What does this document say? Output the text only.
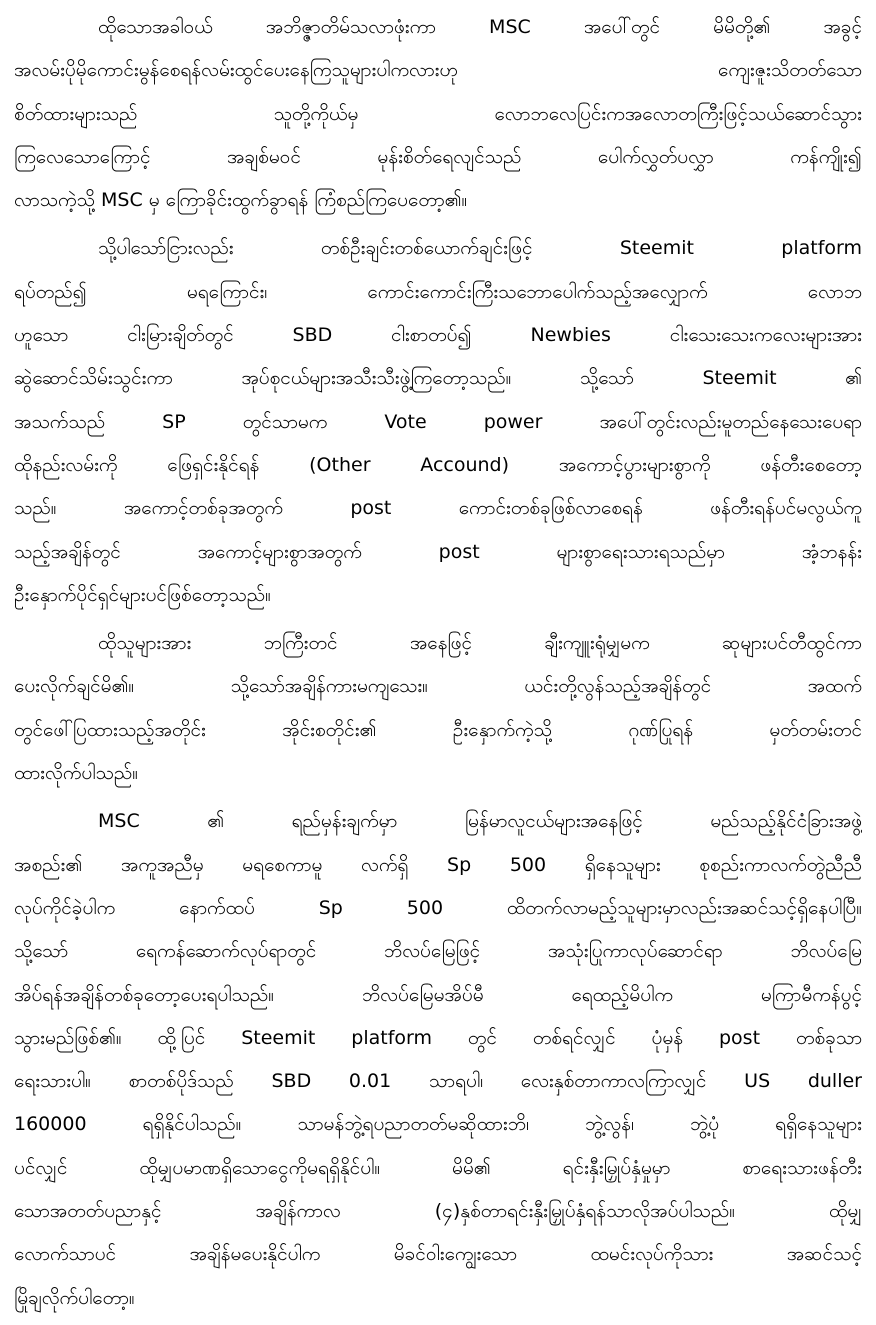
ထိုသောအခါဝယ် အဘိဇ္ဇာတိမ်သလာဖုံးကာ MSC အပေါ်တွင် မိမိတို့၏ အခွင့်
အလမ်းပိုမိုကောင်းမွန်စေရန်လမ်းထွင်ပေးနေကြသူများပါကလားဟု ကျေးဇူးသိတတ်သော
စိတ်ထားများသည် သူတို့ကိုယ်မှ လောဘလေပြင်းကအလောတကြီးဖြင့်သယ်ဆောင်သွား
ကြလေသောကြောင့် အချစ်မဝင် မုန်းစိတ်ရေလျင်သည် ပေါက်လွှတ်ပလွှာ ကန်ကျိုး၍
လာသကဲ့သို့ MSC မှ ကြောခိုင်းထွက်ခွာရန် ကြံစည်ကြပေတော့၏။
သို့ပါသော်ငြားလည်း တစ်ဦးချင်းတစ်ယောက်ချင်းဖြင့် Steemit platform
ရပ်တည်၍ မရကြောင်း၊ ကောင်းကောင်းကြီးသဘောပေါက်သည့်အလျှောက် လောဘ
ဟူသော ငါးမြားချိတ်တွင် SBD ငါးစာတပ်၍ Newbies ငါးသေးသေးကလေးများအား
ဆွဲဆောင်သိမ်းသွင်းကာ အုပ်စုငယ်များအသီးသီးဖွဲ့ကြတော့သည်။ သို့သော် Steemit ၏
အသက်သည် SP တွင်သာမက Vote power အပေါ်တွင်းလည်းမူတည်နေသေးပေရာ
ထိုနည်းလမ်းကို ဖြေရှင်းနိုင်ရန် (Other Accound) အကောင့်ပွားများစွာကို ဖန်တီးစေတော့
သည်။ အကောင့်တစ်ခုအတွက် post ကောင်းတစ်ခုဖြစ်လာစေရန် ဖန်တီးရန်ပင်မလွယ်ကူ
သည့်အချိန်တွင် အကောင့်များစွာအတွက် post များစွာရေးသားရသည်မှာ အံ့ဘနန်း
ဦးနှောက်ပိုင်ရှင်များပင်ဖြစ်တော့သည်။
ထိုသူများအား ဘကြီးတင် အနေဖြင့် ချီးကျူးရုံမျှမက ဆုများပင်တီထွင်ကာ
ပေးလိုက်ချင်မိ၏။ သို့သော်အချိန်ကားမကျသေး။ ယင်းတို့လွန်သည့်အချိန်တွင် အထက်
တွင်ဖေါ်ပြထားသည့်အတိုင်း အိုင်းစတိုင်း၏ ဦးနှောက်ကဲ့သို့ ဂုဏ်ပြုရန် မှတ်တမ်းတင်
ထားလိုက်ပါသည်။
MSC ၏ ရည်မှန်းချက်မှာ မြန်မာလူငယ်များအနေဖြင့် မည်သည့်နိုင်ငံခြားအဖွဲ့
အစည်း၏ အကူအညီမှ မရစေကာမူ လက်ရှိ Sp 500 ရှိနေသူများ စုစည်းကာလက်တွဲညီညီ
လုပ်ကိုင်ခဲ့ပါက နောက်ထပ် Sp 500 ထိတက်လာမည့်သူများမှာလည်းအဆင်သင့်ရှိနေပါပြီ။
သို့သော် ရေကန်ဆောက်လုပ်ရာတွင် ဘိလပ်မြေဖြင့် အသုံးပြုကာလုပ်ဆောင်ရာ ဘိလပ်မြေ
အိပ်ရန်အချိန်တစ်ခုတော့ပေးရပါသည်။ ဘိလပ်မြေမအိပ်မီ ရေထည့်မိပါက မကြာမီကန်ပွင့်
သွားမည်ဖြစ်၏။ ထို့ပြင် Steemit platform တွင် တစ်ရင်လျှင် ပုံမှန် post တစ်ခုသာ
ရေးသားပါ။ စာတစ်ပိုဒ်သည် SBD 0.01 သာရပါ၊ လေးနှစ်တာကာလကြာလျှင် US duller
160000 ရရှိနိုင်ပါသည်။ သာမန်ဘွဲ့ရပညာတတ်မဆိုထားဘိ၊ ဘွဲ့လွန်၊ ဘွဲ့ပုံ ရရှိနေသူများ
ပင်လျှင် ထိုမျှပမာဏရှိသောငွေကိုမရရှိနိုင်ပါ။ မိမိ၏ ရင်းနှီးမြှုပ်နှံမှုမှာ စာရေးသားဖန်တီး
သောအတတ်ပညာနှင့် အချိန်ကာလ (၄)နှစ်တာရင်းနှီးမြှုပ်နှံရန်သာလိုအပ်ပါသည်။ ထိုမျှ
လောက်သာပင် အချိန်မပေးနိုင်ပါက မိခင်ဝါးကျွေးသော ထမင်းလုပ်ကိုသား အဆင်သင့်
မြိုချလိုက်ပါတော့။
